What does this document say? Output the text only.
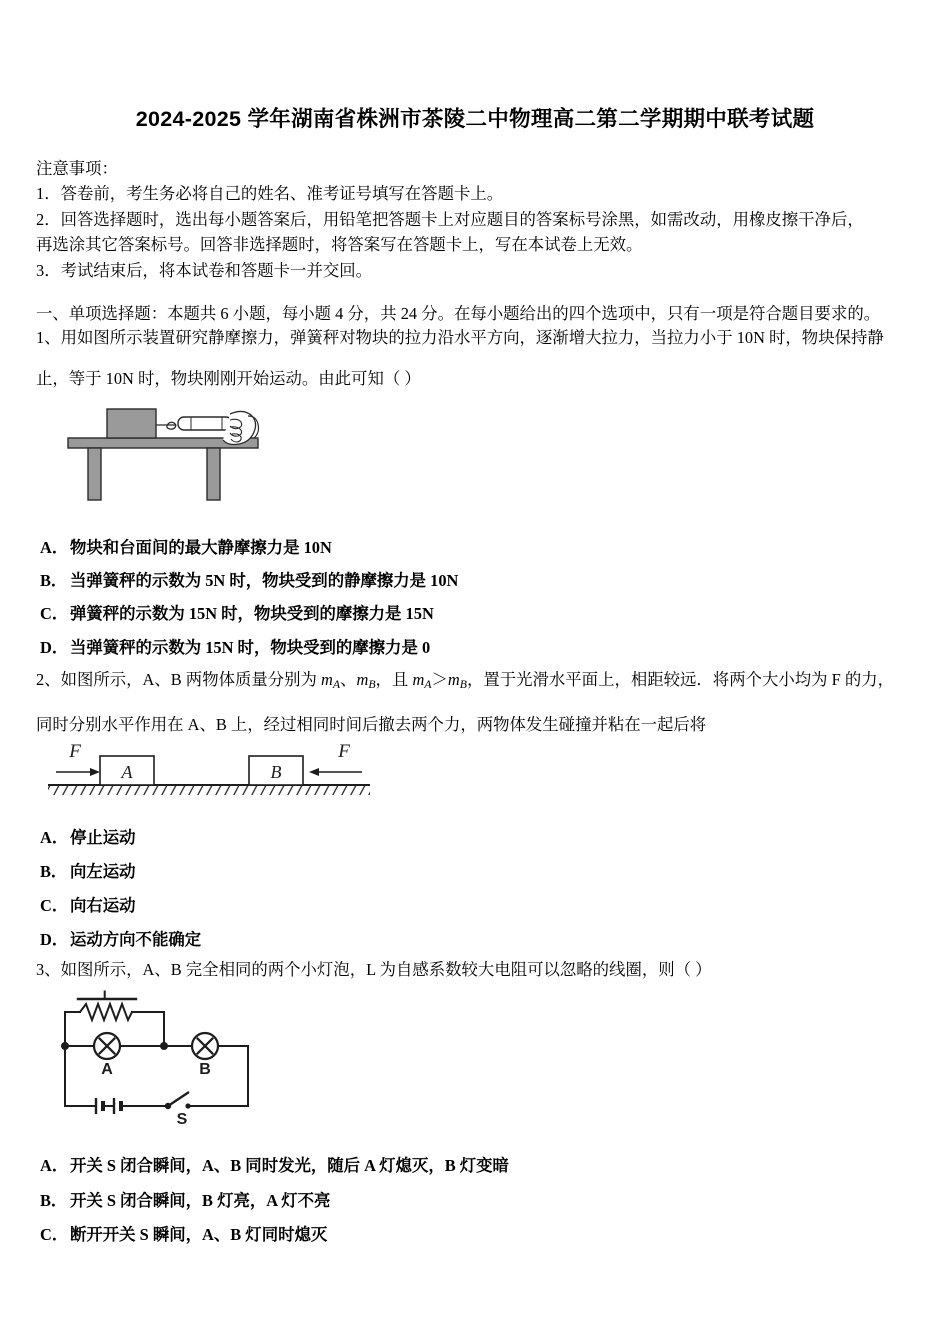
2024-2025 学年湖南省株洲市茶陵二中物理高二第二学期期中联考试题
注意事项：
1．答卷前，考生务必将自己的姓名、准考证号填写在答题卡上。
2．回答选择题时，选出每小题答案后，用铅笔把答题卡上对应题目的答案标号涂黑，如需改动，用橡皮擦干净后，
再选涂其它答案标号。回答非选择题时，将答案写在答题卡上，写在本试卷上无效。
3．考试结束后，将本试卷和答题卡一并交回。
一、单项选择题：本题共 6 小题，每小题 4 分，共 24 分。在每小题给出的四个选项中，只有一项是符合题目要求的。
1、用如图所示装置研究静摩擦力，弹簧秤对物块的拉力沿水平方向，逐渐增大拉力，当拉力小于 10N 时，物块保持静
止，等于 10N 时，物块刚刚开始运动。由此可知（ ）
A． 物块和台面间的最大静摩擦力是 10N
B． 当弹簧秤的示数为 5N 时，物块受到的静摩擦力是 10N
C． 弹簧秤的示数为 15N 时，物块受到的摩擦力是 15N
D． 当弹簧秤的示数为 15N 时，物块受到的摩擦力是 0
2、如图所示，A、B 两物体质量分别为 $m_A$、$m_B$，且 $m_A>m_B$，置于光滑水平面上，相距较远．将两个大小均为 F 的力，
同时分别水平作用在 A、B 上，经过相同时间后撤去两个力，两物体发生碰撞并粘在一起后将
A	B
F	F
A． 停止运动
B． 向左运动
C． 向右运动
D． 运动方向不能确定
3、如图所示，A、B 完全相同的两个小灯泡，L 为自感系数较大电阻可以忽略的线圈，则（ ）
L
A	B
S
A． 开关 S 闭合瞬间，A、B 同时发光，随后 A 灯熄灭，B 灯变暗
B． 开关 S 闭合瞬间，B 灯亮，A 灯不亮
C． 断开开关 S 瞬间，A、B 灯同时熄灭
